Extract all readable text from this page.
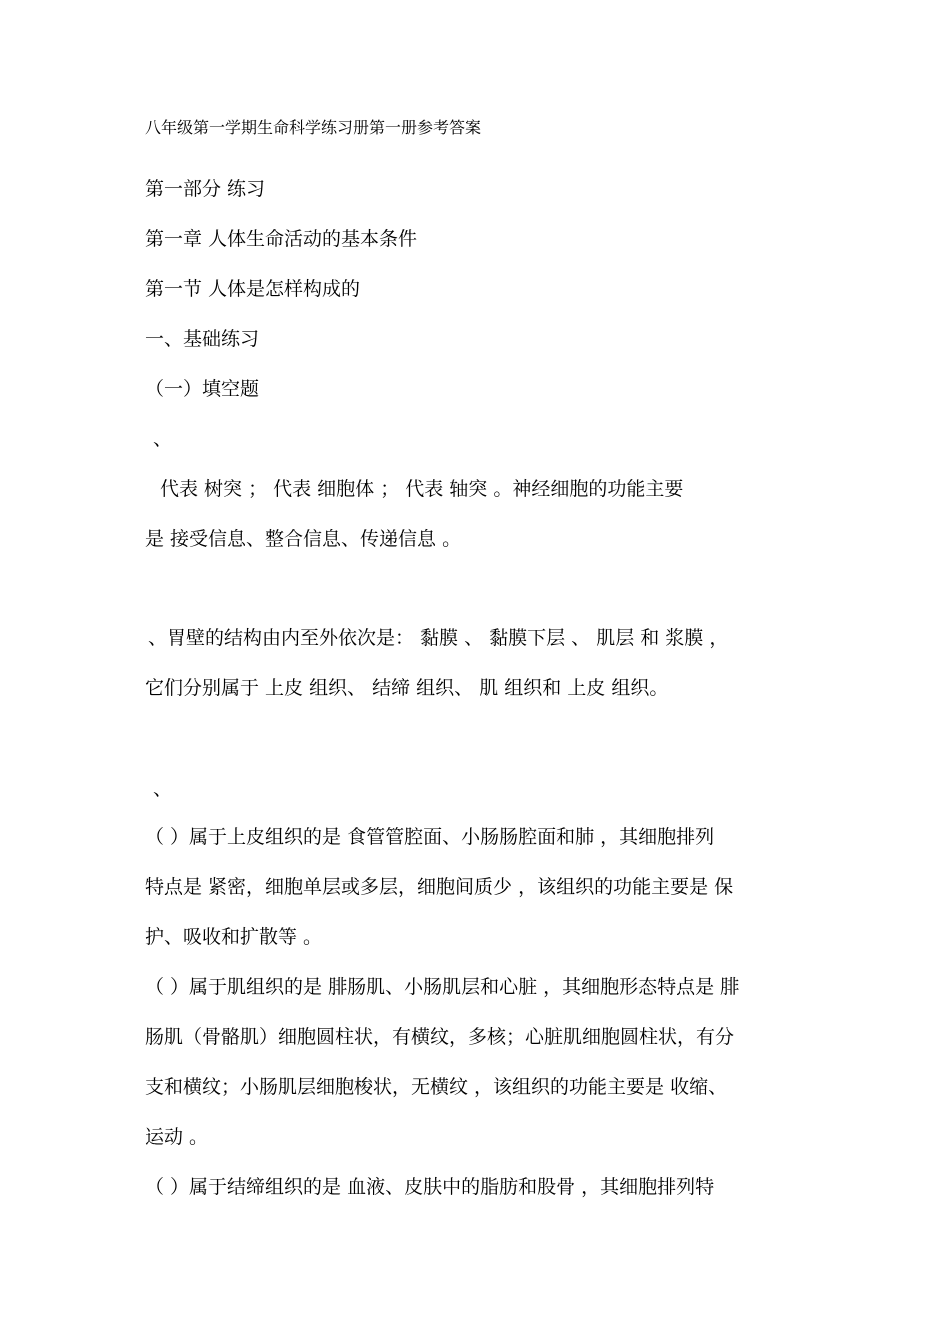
八年级第一学期生命科学练习册第一册参考答案
第一部分 练习
第一章 人体生命活动的基本条件
第一节 人体是怎样构成的
一、基础练习
（一）填空题
、
代表 树突 ； 代表 细胞体 ； 代表 轴突 。神经细胞的功能主要
是 接受信息、整合信息、传递信息 。
、胃壁的结构由内至外依次是： 黏膜 、 黏膜下层 、 肌层 和 浆膜 ，
它们分别属于 上皮 组织、 结缔 组织、 肌 组织和 上皮 组织。
、
（ ）属于上皮组织的是 食管管腔面、小肠肠腔面和肺 ，其细胞排列
特点是 紧密，细胞单层或多层，细胞间质少 ，该组织的功能主要是 保
护、吸收和扩散等 。
（ ）属于肌组织的是 腓肠肌、小肠肌层和心脏 ，其细胞形态特点是 腓
肠肌（骨骼肌）细胞圆柱状，有横纹，多核；心脏肌细胞圆柱状，有分
支和横纹；小肠肌层细胞梭状，无横纹 ，该组织的功能主要是 收缩、
运动 。
（ ）属于结缔组织的是 血液、皮肤中的脂肪和股骨 ，其细胞排列特
